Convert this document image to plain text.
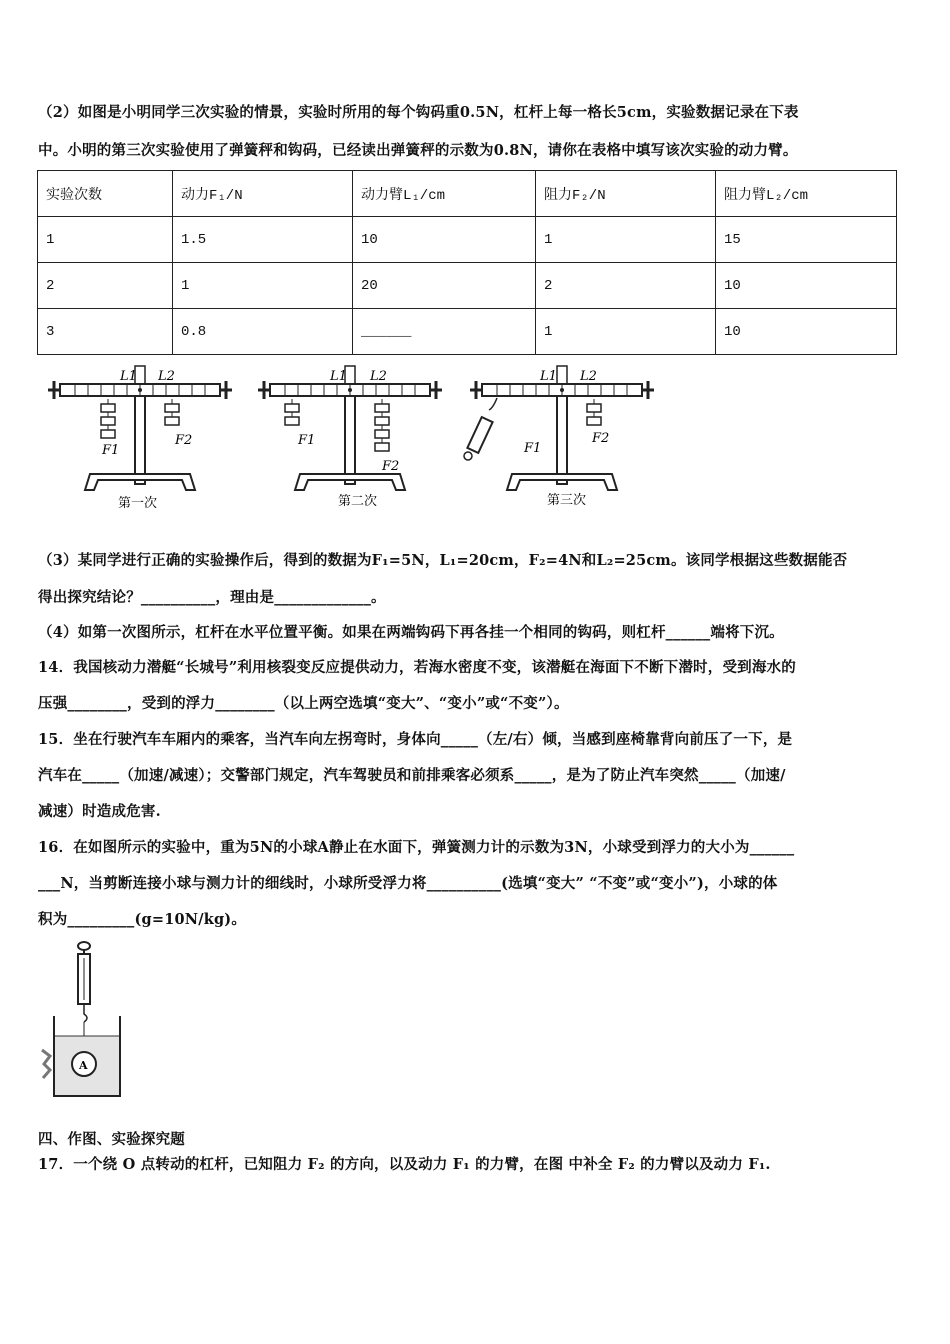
（2）如图是小明同学三次实验的情景，实验时所用的每个钩码重0.5N，杠杆上每一格长5cm，实验数据记录在下表
中。小明的第三次实验使用了弹簧秤和钩码，已经读出弹簧秤的示数为0.8N，请你在表格中填写该次实验的动力臂。
实验次数	动力F₁/N	动力臂L₁/cm	阻力F₂/N	阻力臂L₂/cm
1	1.5	10	1	15
2	1	20	2	10
3	0.8	______	1	10
L1 L2
F1
F2
第一次
L1 L2
F1
F2
第二次
L1 L2
F1
F2
第三次
（3）某同学进行正确的实验操作后，得到的数据为F₁=5N，L₁=20cm，F₂=4N和L₂=25cm。该同学根据这些数据能否
得出探究结论？__________，理由是_____________。
（4）如第一次图所示，杠杆在水平位置平衡。如果在两端钩码下再各挂一个相同的钩码，则杠杆______端将下沉。
14．我国核动力潜艇“长城号”利用核裂变反应提供动力，若海水密度不变，该潜艇在海面下不断下潜时，受到海水的
压强________，受到的浮力________（以上两空选填“变大”、“变小”或“不变”）。
15．坐在行驶汽车车厢内的乘客，当汽车向左拐弯时，身体向_____（左/右）倾，当感到座椅靠背向前压了一下，是
汽车在_____（加速/减速）；交警部门规定，汽车驾驶员和前排乘客必须系_____，是为了防止汽车突然_____（加速/
减速）时造成危害.
16．在如图所示的实验中，重为5N的小球A静止在水面下，弹簧测力计的示数为3N，小球受到浮力的大小为______
___N，当剪断连接小球与测力计的细线时，小球所受浮力将__________(选填“变大” “不变”或“变小”)，小球的体
积为_________(g=10N/kg)。
A
四、作图、实验探究题
17．一个绕 O 点转动的杠杆，已知阻力 F₂ 的方向，以及动力 F₁ 的力臂，在图 中补全 F₂ 的力臂以及动力 F₁.
